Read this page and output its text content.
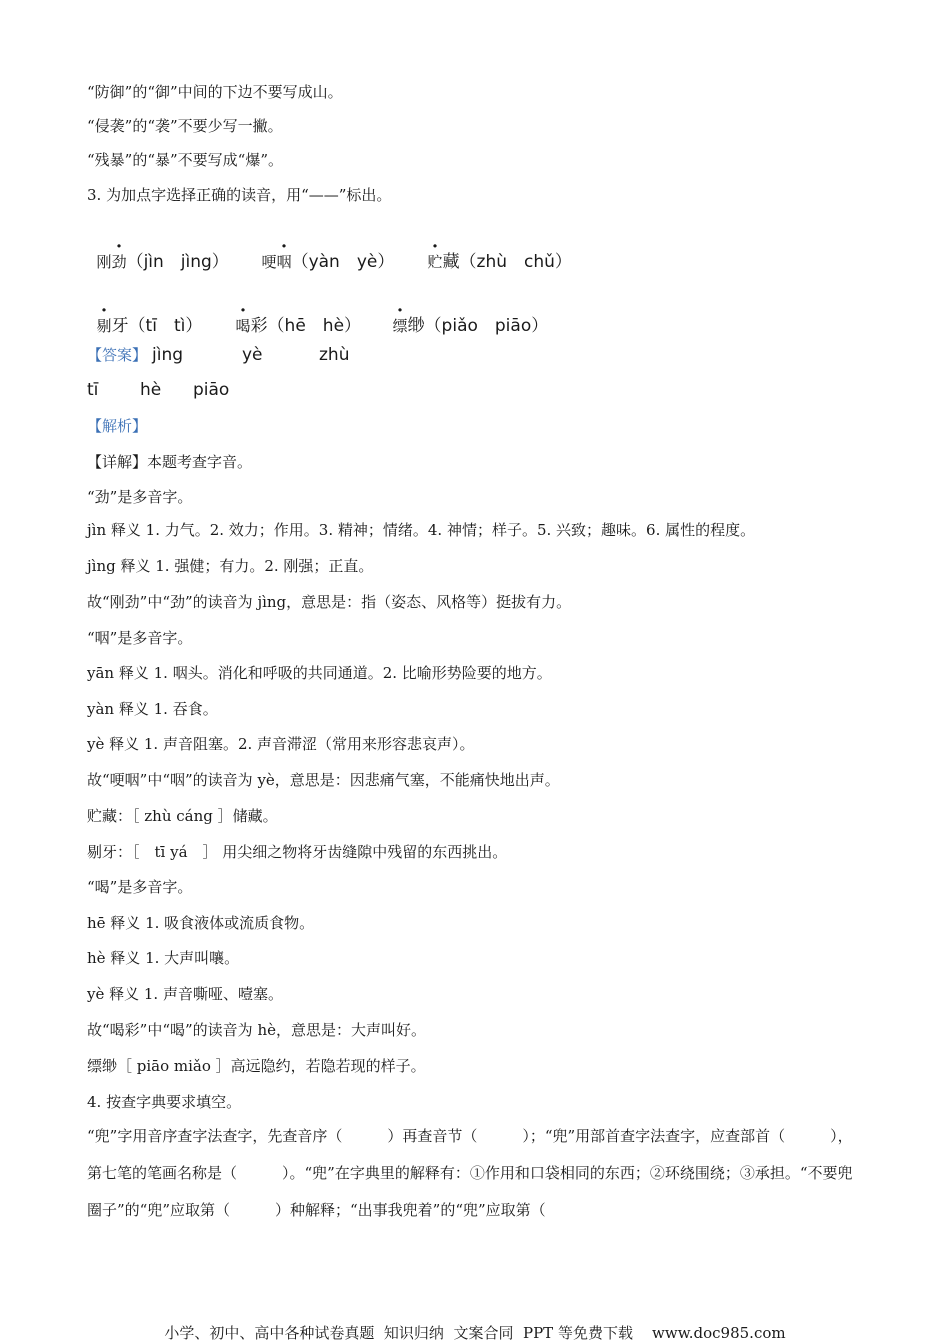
“防御”的“御”中间的下边不要写成山。
“侵袭”的“袭”不要少写一撇。
“残暴”的“暴”不要写成“爆”。
3. 为加点字选择正确的读音，用“——”标出。

刚劲（jìn　jìng）	哽咽（yàn　yè）	贮藏（zhù　chǔ）

剔牙（tī　tì）	喝彩（hē　hè）	缥缈（piǎo　piāo）

【答案】 jìng	yè	zhù
tī hè piāo
【解析】
【详解】本题考查字音。
“劲”是多音字。
jìn 释义 1. 力气。2. 效力；作用。3. 精神；情绪。4. 神情；样子。5. 兴致；趣味。6. 属性的程度。
jìng 释义 1. 强健；有力。2. 刚强；正直。
故“刚劲”中“劲”的读音为 jìng，意思是：指（姿态、风格等）挺拔有力。
“咽”是多音字。
yān 释义 1. 咽头。消化和呼吸的共同通道。2. 比喻形势险要的地方。
yàn 释义 1. 吞食。
yè 释义 1. 声音阻塞。2. 声音滞涩（常用来形容悲哀声）。
故“哽咽”中“咽”的读音为 yè，意思是：因悲痛气塞，不能痛快地出声。
贮藏：［ zhù cáng ］储藏。
剔牙：［　tī yá　］ 用尖细之物将牙齿缝隙中残留的东西挑出。
“喝”是多音字。
hē 释义 1. 吸食液体或流质食物。
hè 释义 1. 大声叫嚷。
yè 释义 1. 声音嘶哑、噎塞。
故“喝彩”中“喝”的读音为 hè，意思是：大声叫好。
缥缈［ piāo miǎo ］高远隐约，若隐若现的样子。
4. 按查字典要求填空。
“兜”字用音序查字法查字，先查音序（　　　）再查音节（　　　）；“兜”用部首查字法查字，应查部首（　　　），第七笔的笔画名称是（　　　）。“兜”在字典里的解释有：①作用和口袋相同的东西；②环绕围绕；③承担。“不要兜圈子”的“兜”应取第（　　　）种解释；“出事我兜着”的“兜”应取第（
小学、初中、高中各种试卷真题  知识归纳  文案合同  PPT 等免费下载    www.doc985.com
